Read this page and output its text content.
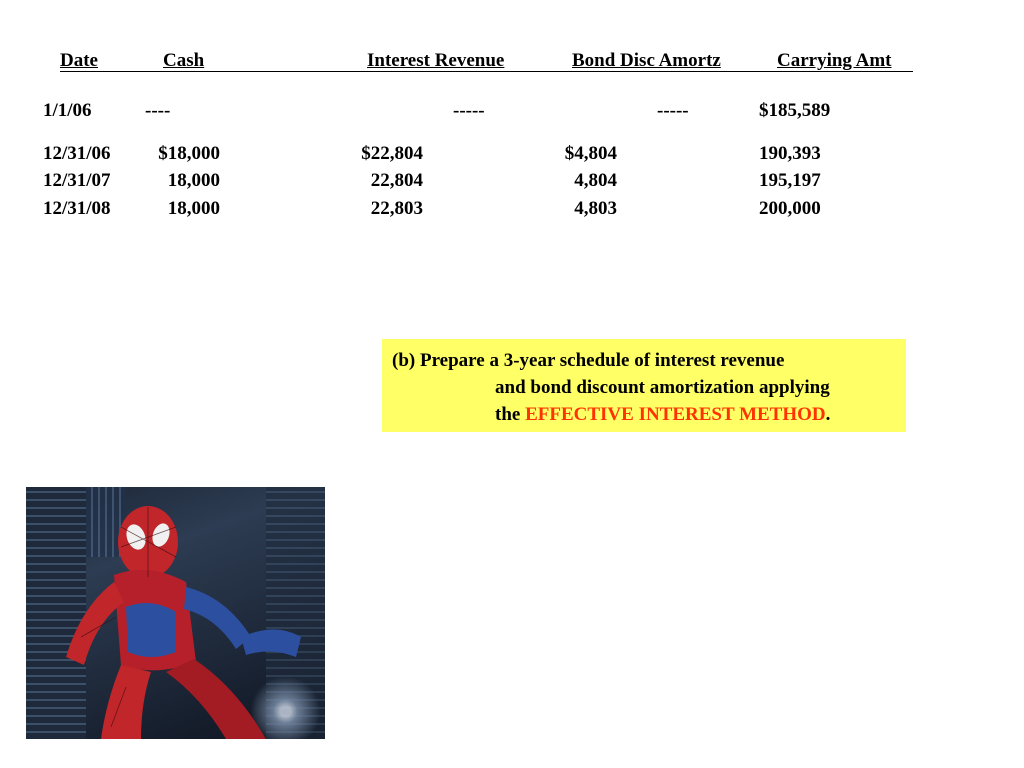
Date	Cash	Interest Revenue	Bond Disc Amortz	Carrying Amt
1/1/06	----	-----	-----	$185,589
12/31/06	$18,000	$22,804	$4,804	190,393
12/31/07	18,000	22,804	4,804	195,197
12/31/08	18,000	22,803	4,803	200,000
(b) Prepare a 3-year schedule of interest revenue
and bond discount amortization applying
the EFFECTIVE INTEREST METHOD.
